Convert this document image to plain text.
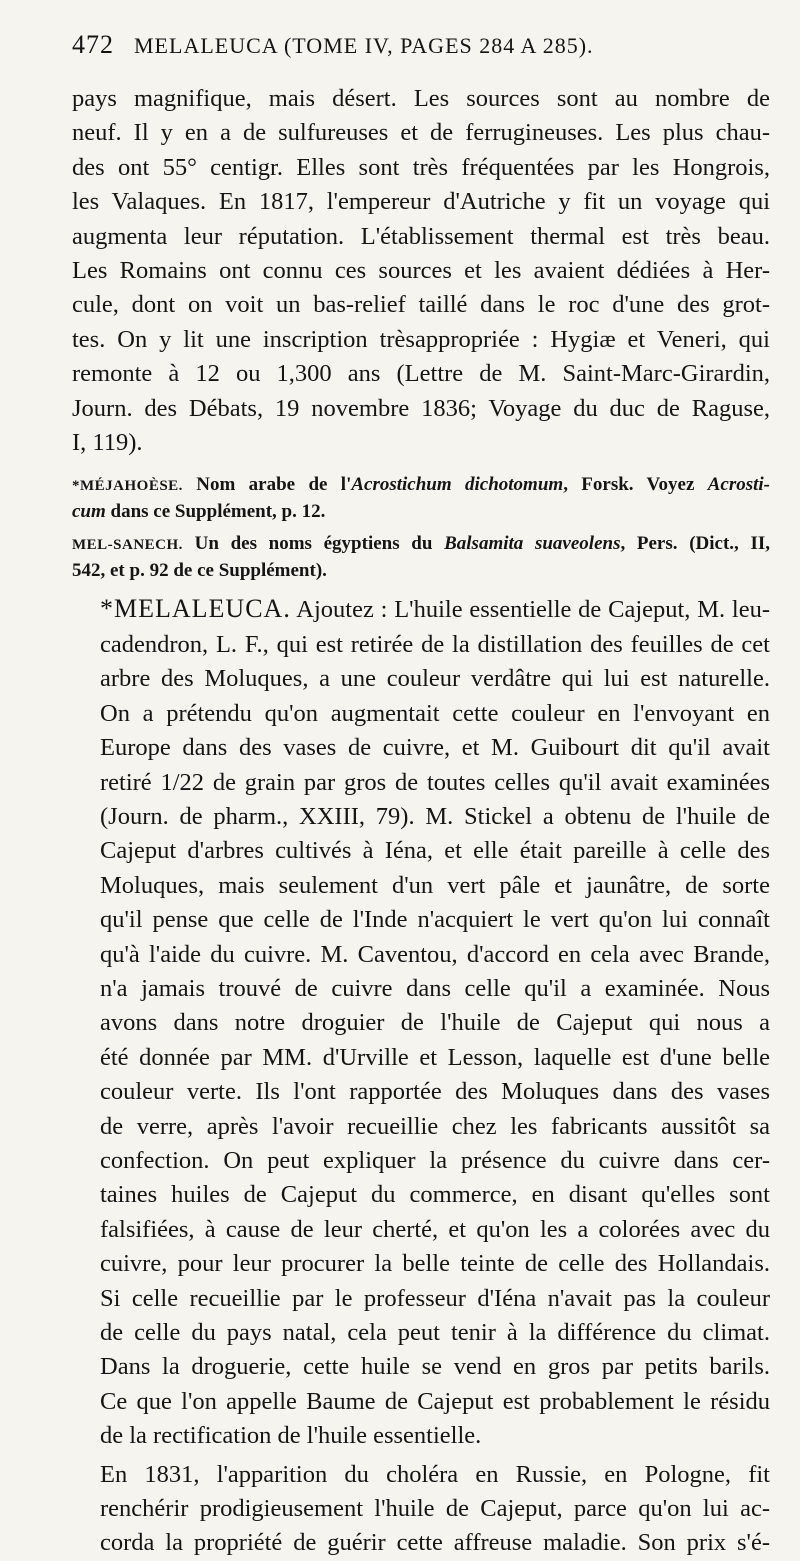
472 MELALEUCA (TOME IV, PAGES 284 A 285).

pays magnifique, mais désert. Les sources sont au nombre de
neuf. Il y en a de sulfureuses et de ferrugineuses. Les plus chau-
des ont 55° centigr. Elles sont très fréquentées par les Hongrois,
les Valaques. En 1817, l'empereur d'Autriche y fit un voyage qui
augmenta leur réputation. L'établissement thermal est très beau.
Les Romains ont connu ces sources et les avaient dédiées à Her-
cule, dont on voit un bas-relief taillé dans le roc d'une des grot-
tes. On y lit une inscription trèsappropriée : Hygiæ et Veneri, qui
remonte à 12 ou 1,300 ans (Lettre de M. Saint-Marc-Girardin,
Journ. des Débats, 19 novembre 1836; Voyage du duc de Raguse,
I, 119).

*MÉJAHOÈSE. Nom arabe de l'Acrostichum dichotomum, Forsk. Voyez Acrosti-
cum dans ce Supplément, p. 12.

MEL-SANECH. Un des noms égyptiens du Balsamita suaveolens, Pers. (Dict., II,
542, et p. 92 de ce Supplément).

*MELALEUCA. Ajoutez : L'huile essentielle de Cajeput, M. leu-
cadendron, L. F., qui est retirée de la distillation des feuilles de cet
arbre des Moluques, a une couleur verdâtre qui lui est naturelle.
On a prétendu qu'on augmentait cette couleur en l'envoyant en
Europe dans des vases de cuivre, et M. Guibourt dit qu'il avait
retiré 1/22 de grain par gros de toutes celles qu'il avait examinées
(Journ. de pharm., XXIII, 79). M. Stickel a obtenu de l'huile de
Cajeput d'arbres cultivés à Iéna, et elle était pareille à celle des
Moluques, mais seulement d'un vert pâle et jaunâtre, de sorte
qu'il pense que celle de l'Inde n'acquiert le vert qu'on lui connaît
qu'à l'aide du cuivre. M. Caventou, d'accord en cela avec Brande,
n'a jamais trouvé de cuivre dans celle qu'il a examinée. Nous
avons dans notre droguier de l'huile de Cajeput qui nous a
été donnée par MM. d'Urville et Lesson, laquelle est d'une belle
couleur verte. Ils l'ont rapportée des Moluques dans des vases
de verre, après l'avoir recueillie chez les fabricants aussitôt sa
confection. On peut expliquer la présence du cuivre dans cer-
taines huiles de Cajeput du commerce, en disant qu'elles sont
falsifiées, à cause de leur cherté, et qu'on les a colorées avec du
cuivre, pour leur procurer la belle teinte de celle des Hollandais.
Si celle recueillie par le professeur d'Iéna n'avait pas la couleur
de celle du pays natal, cela peut tenir à la différence du climat.
Dans la droguerie, cette huile se vend en gros par petits barils.
Ce que l'on appelle Baume de Cajeput est probablement le résidu
de la rectification de l'huile essentielle.

En 1831, l'apparition du choléra en Russie, en Pologne, fit
renchérir prodigieusement l'huile de Cajeput, parce qu'on lui ac-
corda la propriété de guérir cette affreuse maladie. Son prix s'é-
